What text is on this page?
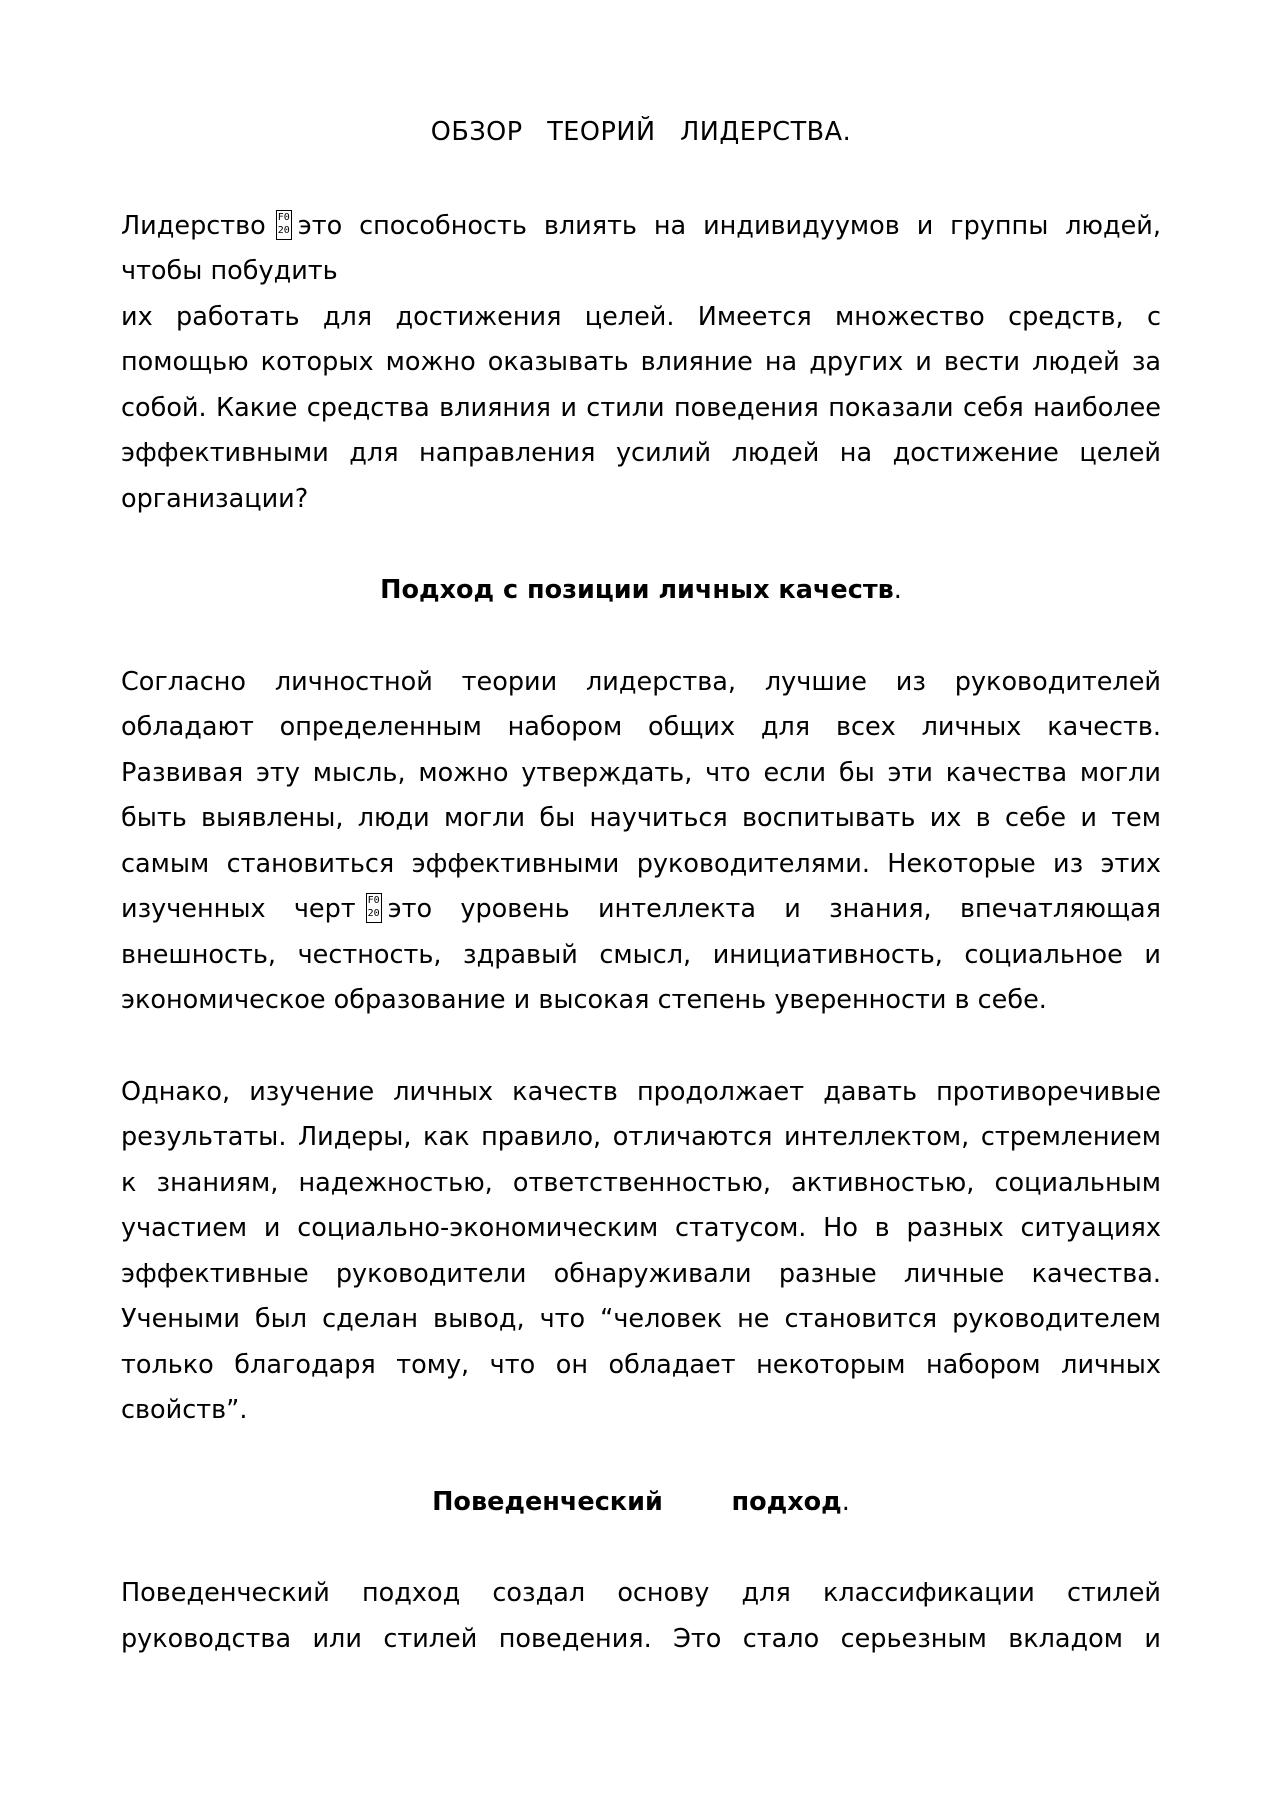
ОБЗОР ТЕОРИЙ ЛИДЕРСТВА.

Лидерство F0
20 это способность влиять на индивидуумов и группы людей,
чтобы побудить
их работать для достижения целей. Имеется множество средств, с помощью которых можно оказывать влияние на других и вести людей за собой. Какие средства влияния и стили поведения показали себя наиболее эффективными для направления усилий людей на достижение целей организации?

Подход с позиции личных качеств.

Согласно личностной теории лидерства, лучшие из руководителей обладают определенным набором общих для всех личных качеств. Развивая эту мысль, можно утверждать, что если бы эти качества могли быть выявлены, люди могли бы научиться воспитывать их в себе и тем самым становиться эффективными руководителями. Некоторые из этих изученных черт F0
20 это уровень интеллекта и знания, впечатляющая внешность, честность, здравый смысл, инициативность, социальное и экономическое образование и высокая степень уверенности в себе.

Однако, изучение личных качеств продолжает давать противоречивые результаты. Лидеры, как правило, отличаются интеллектом, стремлением к знаниям, надежностью, ответственностью, активностью, социальным участием и социально-экономическим статусом. Но в разных ситуациях эффективные руководители обнаруживали разные личные качества. Учеными был сделан вывод, что “человек не становится руководителем только благодаря тому, что он обладает некоторым набором личных свойств”.

Поведенческий   подход.

Поведенческий подход создал основу для классификации стилей руководства или стилей поведения. Это стало серьезным вкладом и
